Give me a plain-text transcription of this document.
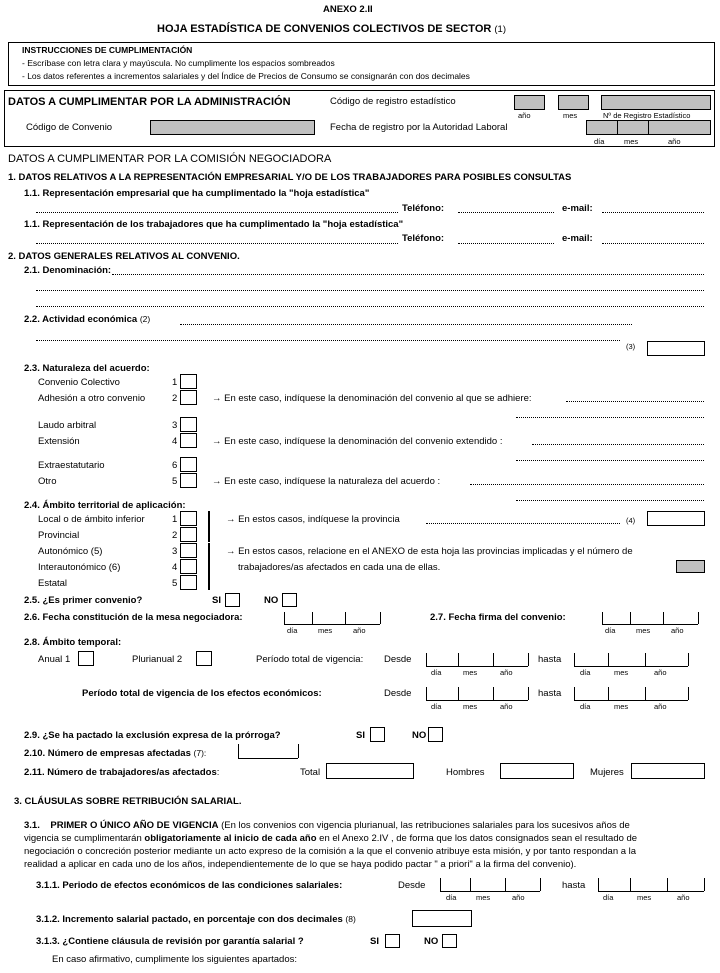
ANEXO 2.II
HOJA ESTADÍSTICA DE CONVENIOS COLECTIVOS DE SECTOR (1)
INSTRUCCIONES DE CUMPLIMENTACIÓN
- Escríbase con letra clara y mayúscula. No cumplimente los espacios sombreados
- Los datos referentes a incrementos salariales y del Índice de Precios de Consumo se consignarán con dos decimales
DATOS A CUMPLIMENTAR POR LA ADMINISTRACIÓN	Código de registro estadístico
año	mes	Nº de Registro Estadístico
Código de Convenio	Fecha de registro por la Autoridad Laboral
día	mes	año
DATOS A CUMPLIMENTAR POR LA COMISIÓN NEGOCIADORA
1. DATOS RELATIVOS A LA REPRESENTACIÓN EMPRESARIAL Y/O DE LOS TRABAJADORES PARA POSIBLES CONSULTAS
1.1. Representación empresarial que ha cumplimentado la "hoja estadística"
Teléfono:	e-mail:
1.1. Representación de los trabajadores que ha cumplimentado la "hoja estadística"
Teléfono:	e-mail:
2. DATOS GENERALES RELATIVOS AL CONVENIO.
2.1. Denominación:
2.2. Actividad económica (2)
(3)
2.3. Naturaleza del acuerdo:
Convenio Colectivo	1
Adhesión a otro convenio	2	→ En este caso, indíquese la denominación del convenio al que se adhiere:
Laudo arbitral	3
Extensión	4	→ En este caso, indíquese la denominación del convenio extendido :
Extraestatutario	6
Otro	5	→ En este caso, indíquese la naturaleza del acuerdo :
2.4. Ámbito territorial de aplicación:
Local o de ámbito inferior	1
Provincial	2
→ En estos casos, indíquese la provincia	(4)
Autonómico (5)	3
Interautonómico (6)	4
Estatal	5
→ En estos casos, relacione en el ANEXO de esta hoja las provincias implicadas y el número de
trabajadores/as afectados en cada una de ellas.
2.5. ¿Es primer convenio?	SI	NO
2.6. Fecha constitución de la mesa negociadora:
día	mes	año
2.7. Fecha firma del convenio:
día	mes	año
2.8. Ámbito temporal:
Anual 1	Plurianual 2	Período total de vigencia: Desde
día	mes	año
hasta
día	mes	año
Período total de vigencia de los efectos económicos:	Desde
día	mes	año
hasta
día	mes	año
2.9. ¿Se ha pactado la exclusión expresa de la prórroga?	SI	NO
2.10. Número de empresas afectadas (7):
2.11. Número de trabajadores/as afectados:	Total	Hombres	Mujeres
3. CLÁUSULAS SOBRE RETRIBUCIÓN SALARIAL.
3.1. PRIMER O ÚNICO AÑO DE VIGENCIA (En los convenios con vigencia plurianual, las retribuciones salariales para los sucesivos años de
vigencia se cumplimentarán obligatoriamente al inicio de cada año en el Anexo 2.IV , de forma que los datos consignados sean el resultado de
negociación o concreción posterior mediante un acto expreso de la comisión a la que el convenio atribuye esta misión, y por tanto respondan a la
realidad a aplicar en cada uno de los años, independientemente de lo que se haya podido pactar " a priori" a la firma del convenio).
3.1.1. Periodo de efectos económicos de las condiciones salariales:	Desde
día	mes	año
hasta
día	mes	año
3.1.2. Incremento salarial pactado, en porcentaje con dos decimales (8)
3.1.3. ¿Contiene cláusula de revisión por garantía salarial ?	SI	NO
En caso afirmativo, cumplimente los siguientes apartados:
